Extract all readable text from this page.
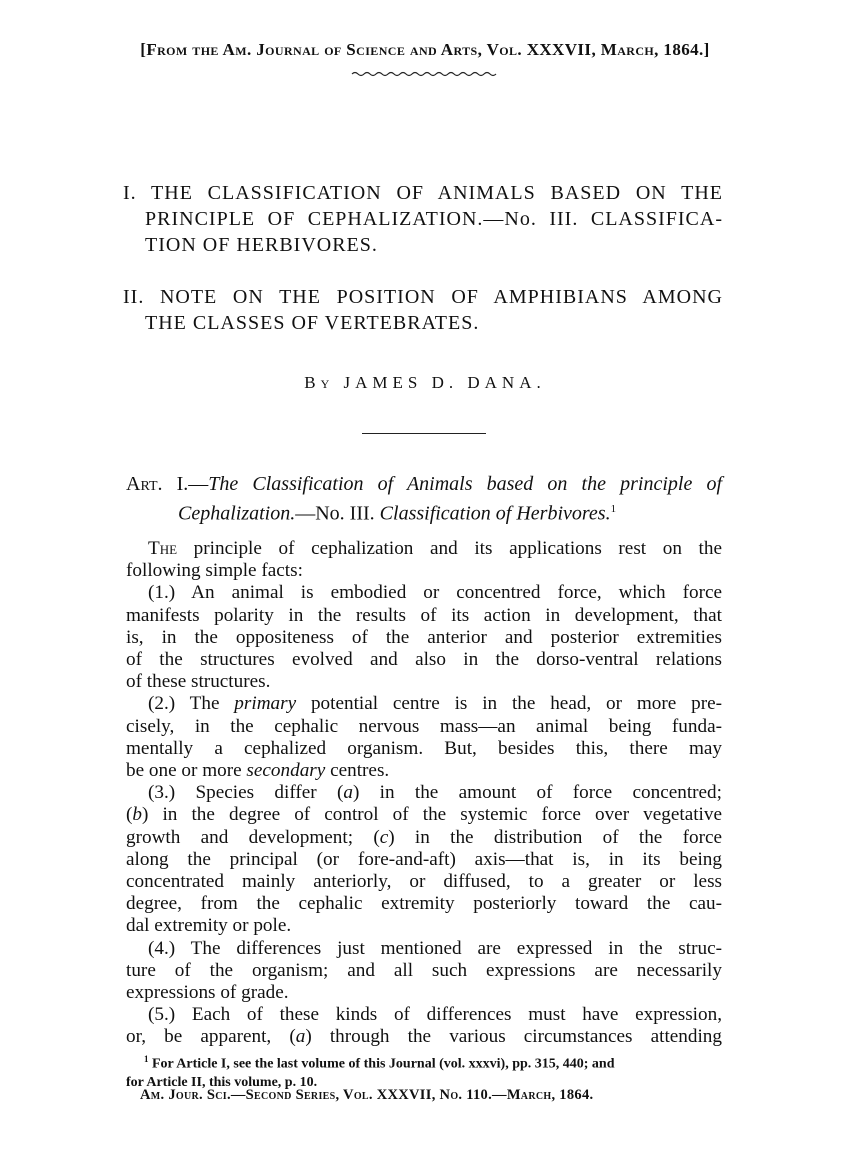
[From the Am. Journal of Science and Arts, Vol. XXXVII, March, 1864.]
I. THE CLASSIFICATION OF ANIMALS BASED ON THE
PRINCIPLE OF CEPHALIZATION.—No. III. CLASSIFICA-
TION OF HERBIVORES.
II. NOTE ON THE POSITION OF AMPHIBIANS AMONG
THE CLASSES OF VERTEBRATES.
By JAMES D. DANA.
Art. I.—The Classification of Animals based on the principle of
Cephalization.—No. III. Classification of Herbivores.$^1$
The principle of cephalization and its applications rest on the
following simple facts:
(1.) An animal is embodied or concentred force, which force
manifests polarity in the results of its action in development, that
is, in the oppositeness of the anterior and posterior extremities
of the structures evolved and also in the dorso-ventral relations
of these structures.
(2.) The primary potential centre is in the head, or more pre-
cisely, in the cephalic nervous mass—an animal being funda-
mentally a cephalized organism. But, besides this, there may
be one or more secondary centres.
(3.) Species differ (a) in the amount of force concentred;
(b) in the degree of control of the systemic force over vegetative
growth and development; (c) in the distribution of the force
along the principal (or fore-and-aft) axis—that is, in its being
concentrated mainly anteriorly, or diffused, to a greater or less
degree, from the cephalic extremity posteriorly toward the cau-
dal extremity or pole.
(4.) The differences just mentioned are expressed in the struc-
ture of the organism; and all such expressions are necessarily
expressions of grade.
(5.) Each of these kinds of differences must have expression,
or, be apparent, (a) through the various circumstances attending
$^1$ For Article I, see the last volume of this Journal (vol. xxxvi), pp. 315, 440; and
for Article II, this volume, p. 10.
Am. Jour. Sci.—Second Series, Vol. XXXVII, No. 110.—March, 1864.
